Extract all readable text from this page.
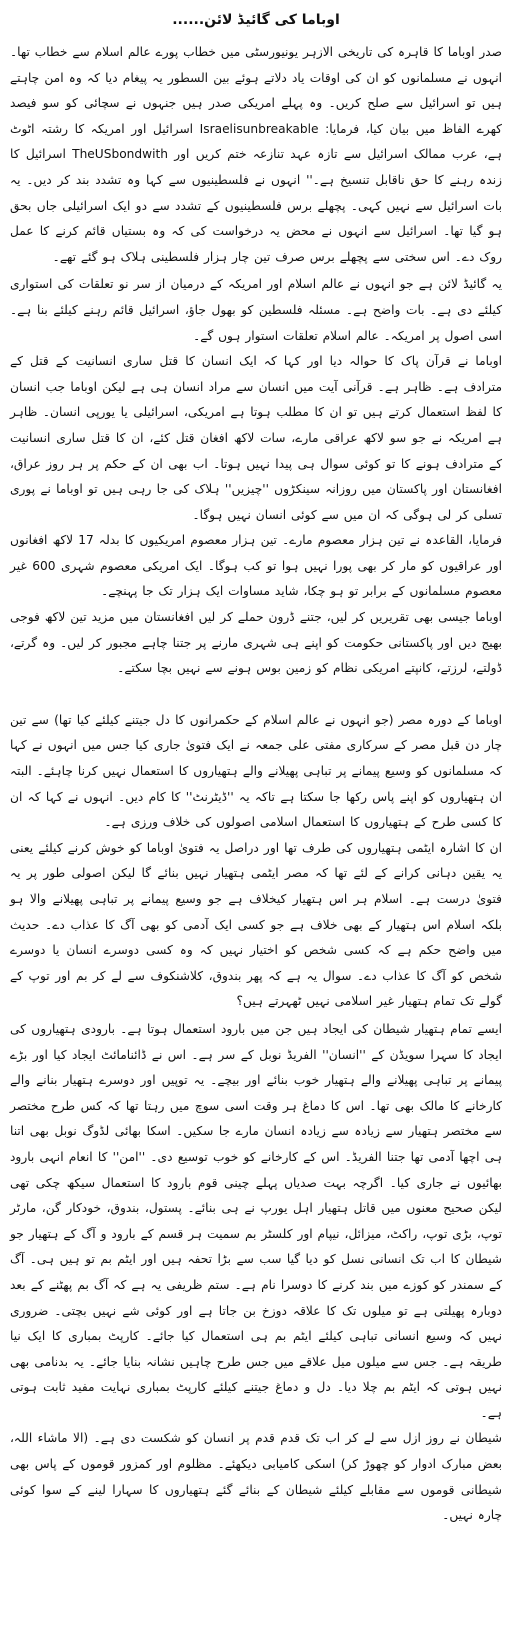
اوباما کی گائیڈ لائن......

صدر اوباما کا قاہرہ کی تاریخی الازہر یونیورسٹی میں خطاب پورے عالم اسلام سے خطاب تھا۔ انہوں نے مسلمانوں کو ان کی اوقات یاد دلاتے ہوئے بین السطور یہ پیغام دیا کہ وہ امن چاہتے ہیں تو اسرائیل سے صلح کریں۔ وہ پہلے امریکی صدر ہیں جنہوں نے سچائی کو سو فیصد کھرے الفاظ میں بیان کیا، فرمایا: Israelisunbreakable اسرائیل اور امریکہ کا رشتہ اٹوٹ ہے، عرب ممالک اسرائیل سے تازہ عہد تنازعہ ختم کریں اور TheUSbondwith اسرائیل کا زندہ رہنے کا حق ناقابل تنسیخ ہے۔'' انہوں نے فلسطینیوں سے کہا وہ تشدد بند کر دیں۔ یہ بات اسرائیل سے نہیں کہی۔ پچھلے برس فلسطینیوں کے تشدد سے دو ایک اسرائیلی جاں بحق ہو گیا تھا۔ اسرائیل سے انہوں نے محض یہ درخواست کی کہ وہ بستیاں قائم کرنے کا عمل روک دے۔ اس سختی سے پچھلے برس صرف تین چار ہزار فلسطینی ہلاک ہو گئے تھے۔

یہ گائیڈ لائن ہے جو انہوں نے عالم اسلام اور امریکہ کے درمیان از سر نو تعلقات کی استواری کیلئے دی ہے۔ بات واضح ہے۔ مسئلہ فلسطین کو بھول جاؤ، اسرائیل قائم رہنے کیلئے بنا ہے۔ اسی اصول پر امریکہ۔ عالم اسلام تعلقات استوار ہوں گے۔

اوباما نے قرآن پاک کا حوالہ دیا اور کہا کہ ایک انسان کا قتل ساری انسانیت کے قتل کے مترادف ہے۔ ظاہر ہے۔ قرآنی آیت میں انسان سے مراد انسان ہی ہے لیکن اوباما جب انسان کا لفظ استعمال کرتے ہیں تو ان کا مطلب ہوتا ہے امریکی، اسرائیلی یا یورپی انسان۔ ظاہر ہے امریکہ نے جو سو لاکھ عراقی مارے، سات لاکھ افغان قتل کئے، ان کا قتل ساری انسانیت کے مترادف ہونے کا تو کوئی سوال ہی پیدا نہیں ہوتا۔ اب بھی ان کے حکم پر ہر روز عراق، افغانستان اور پاکستان میں روزانہ سینکڑوں ''چیزیں'' ہلاک کی جا رہی ہیں تو اوباما نے پوری تسلی کر لی ہوگی کہ ان میں سے کوئی انسان نہیں ہوگا۔

فرمایا، القاعدہ نے تین ہزار معصوم مارے۔ تین ہزار معصوم امریکیوں کا بدلہ 17 لاکھ افغانوں اور عراقیوں کو مار کر بھی پورا نہیں ہوا تو کب ہوگا۔ ایک امریکی معصوم شہری 600 غیر معصوم مسلمانوں کے برابر تو ہو چکا، شاید مساوات ایک ہزار تک جا پہنچے۔

اوباما جیسی بھی تقریریں کر لیں، جتنے ڈرون حملے کر لیں افغانستان میں مزید تین لاکھ فوجی بھیج دیں اور پاکستانی حکومت کو اپنے ہی شہری مارنے پر جتنا چاہے مجبور کر لیں۔ وہ گرتے، ڈولتے، لرزتے، کانپتے امریکی نظام کو زمین بوس ہونے سے نہیں بچا سکتے۔

اوباما کے دورہ مصر (جو انہوں نے عالم اسلام کے حکمرانوں کا دل جیتنے کیلئے کیا تھا) سے تین چار دن قبل مصر کے سرکاری مفتی علی جمعہ نے ایک فتویٰ جاری کیا جس میں انہوں نے کہا کہ مسلمانوں کو وسیع پیمانے پر تباہی پھیلانے والے ہتھیاروں کا استعمال نہیں کرنا چاہئے۔ البتہ ان ہتھیاروں کو اپنے پاس رکھا جا سکتا ہے تاکہ یہ ''ڈیٹرنٹ'' کا کام دیں۔ انہوں نے کہا کہ ان کا کسی طرح کے ہتھیاروں کا استعمال اسلامی اصولوں کی خلاف ورزی ہے۔

ان کا اشارہ ایٹمی ہتھیاروں کی طرف تھا اور دراصل یہ فتویٰ اوباما کو خوش کرنے کیلئے یعنی یہ یقین دہانی کرانے کے لئے تھا کہ مصر ایٹمی ہتھیار نہیں بنائے گا لیکن اصولی طور پر یہ فتویٰ درست ہے۔ اسلام ہر اس ہتھیار کیخلاف ہے جو وسیع پیمانے پر تباہی پھیلانے والا ہو بلکہ اسلام اس ہتھیار کے بھی خلاف ہے جو کسی ایک آدمی کو بھی آگ کا عذاب دے۔ حدیث میں واضح حکم ہے کہ کسی شخص کو اختیار نہیں کہ وہ کسی دوسرے انسان یا دوسرے شخص کو آگ کا عذاب دے۔ سوال یہ ہے کہ پھر بندوق، کلاشنکوف سے لے کر بم اور توپ کے گولے تک تمام ہتھیار غیر اسلامی نہیں ٹھہرتے ہیں؟

ایسے تمام ہتھیار شیطان کی ایجاد ہیں جن میں بارود استعمال ہوتا ہے۔ بارودی ہتھیاروں کی ایجاد کا سہرا سویڈن کے ''انسان'' الفریڈ نوبل کے سر ہے۔ اس نے ڈائنامائٹ ایجاد کیا اور بڑے پیمانے پر تباہی پھیلانے والے ہتھیار خوب بنائے اور بیچے۔ یہ توپیں اور دوسرے ہتھیار بنانے والے کارخانے کا مالک بھی تھا۔ اس کا دماغ ہر وقت اسی سوچ میں رہتا تھا کہ کس طرح مختصر سے مختصر ہتھیار سے زیادہ سے زیادہ انسان مارے جا سکیں۔ اسکا بھائی لڈوگ نوبل بھی اتنا ہی اچھا آدمی تھا جتنا الفریڈ۔ اس کے کارخانے کو خوب توسیع دی۔ ''امن'' کا انعام انہی بارود بھائیوں نے جاری کیا۔ اگرچہ بہت صدیاں پہلے چینی قوم بارود کا استعمال سیکھ چکی تھی لیکن صحیح معنوں میں قاتل ہتھیار اہل یورپ نے ہی بنائے۔ پستول، بندوق، خودکار گن، مارٹر توپ، بڑی توپ، راکٹ، میزائل، نیپام اور کلسٹر بم سمیت ہر قسم کے بارود و آگ کے ہتھیار جو شیطان کا اب تک انسانی نسل کو دیا گیا سب سے بڑا تحفہ ہیں اور ایٹم بم تو ہیں ہی۔ آگ کے سمندر کو کوزے میں بند کرنے کا دوسرا نام ہے۔ ستم ظریفی یہ ہے کہ آگ بم پھٹنے کے بعد دوبارہ پھیلتی ہے تو میلوں تک کا علاقہ دوزخ بن جاتا ہے اور کوئی شے نہیں بچتی۔ ضروری نہیں کہ وسیع انسانی تباہی کیلئے ایٹم بم ہی استعمال کیا جائے۔ کارپٹ بمباری کا ایک نیا طریقہ ہے۔ جس سے میلوں میل علاقے میں جس طرح چاہیں نشانہ بنایا جائے۔ یہ بدنامی بھی نہیں ہوتی کہ ایٹم بم چلا دیا۔ دل و دماغ جیتنے کیلئے کارپٹ بمباری نہایت مفید ثابت ہوتی ہے۔

شیطان نے روز ازل سے لے کر اب تک قدم قدم پر انسان کو شکست دی ہے۔ (الا ماشاء اللہ، بعض مبارک ادوار کو چھوڑ کر) اسکی کامیابی دیکھئے۔ مظلوم اور کمزور قوموں کے پاس بھی شیطانی قوموں سے مقابلے کیلئے شیطان کے بنائے گئے ہتھیاروں کا سہارا لینے کے سوا کوئی چارہ نہیں۔
